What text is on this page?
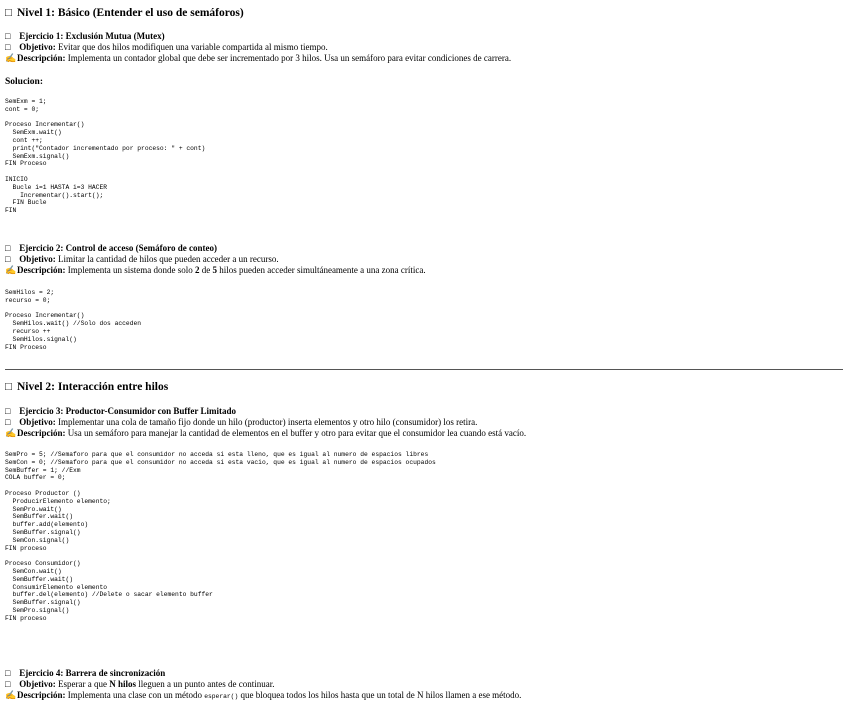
□ Nivel 1: Básico (Entender el uso de semáforos)

□ Ejercicio 1: Exclusión Mutua (Mutex)

□ Objetivo: Evitar que dos hilos modifiquen una variable compartida al mismo tiempo.

✍Descripción: Implementa un contador global que debe ser incrementado por 3 hilos. Usa un semáforo para evitar condiciones de carrera.

Solucion:

SemExm = 1;
cont = 0;

Proceso Incrementar()
SemExm.wait()
cont ++;
print("Contador incrementado por proceso: " + cont)
SemExm.signal()
FIN Proceso

INICIO
Bucle i=1 HASTA i=3 HACER
Incrementar().start();
FIN Bucle
FIN

□ Ejercicio 2: Control de acceso (Semáforo de conteo)

□ Objetivo: Limitar la cantidad de hilos que pueden acceder a un recurso.

✍Descripción: Implementa un sistema donde solo 2 de 5 hilos pueden acceder simultáneamente a una zona crítica.

SemHilos = 2;
recurso = 0;

Proceso Incrementar()
SemHilos.wait() //Solo dos acceden
recurso ++
SemHilos.signal()
FIN Proceso
□ Nivel 2: Interacción entre hilos

□ Ejercicio 3: Productor-Consumidor con Buffer Limitado

□ Objetivo: Implementar una cola de tamaño fijo donde un hilo (productor) inserta elementos y otro hilo (consumidor) los retira.

✍Descripción: Usa un semáforo para manejar la cantidad de elementos en el buffer y otro para evitar que el consumidor lea cuando está vacío.

SemPro = 5; //Semaforo para que el consumidor no acceda si esta lleno, que es igual al numero de espacios libres
SemCon = 0; //Semaforo para que el consumidor no acceda si esta vacio, que es igual al numero de espacios ocupados
SemBuffer = 1; //Exm
COLA buffer = 0;

Proceso Productor ()
ProducirElemento elemento;
SemPro.wait()
SemBuffer.wait()
buffer.add(elemento)
SemBuffer.signal()
SemCon.signal()
FIN proceso

Proceso Consumidor()
SemCon.wait()
SemBuffer.wait()
ConsumirElemento elemento
buffer.del(elemento) //Delete o sacar elemento buffer
SemBuffer.signal()
SemPro.signal()
FIN proceso

□ Ejercicio 4: Barrera de sincronización

□ Objetivo: Esperar a que N hilos lleguen a un punto antes de continuar.

✍Descripción: Implementa una clase con un método esperar() que bloquea todos los hilos hasta que un total de N hilos llamen a ese método.
